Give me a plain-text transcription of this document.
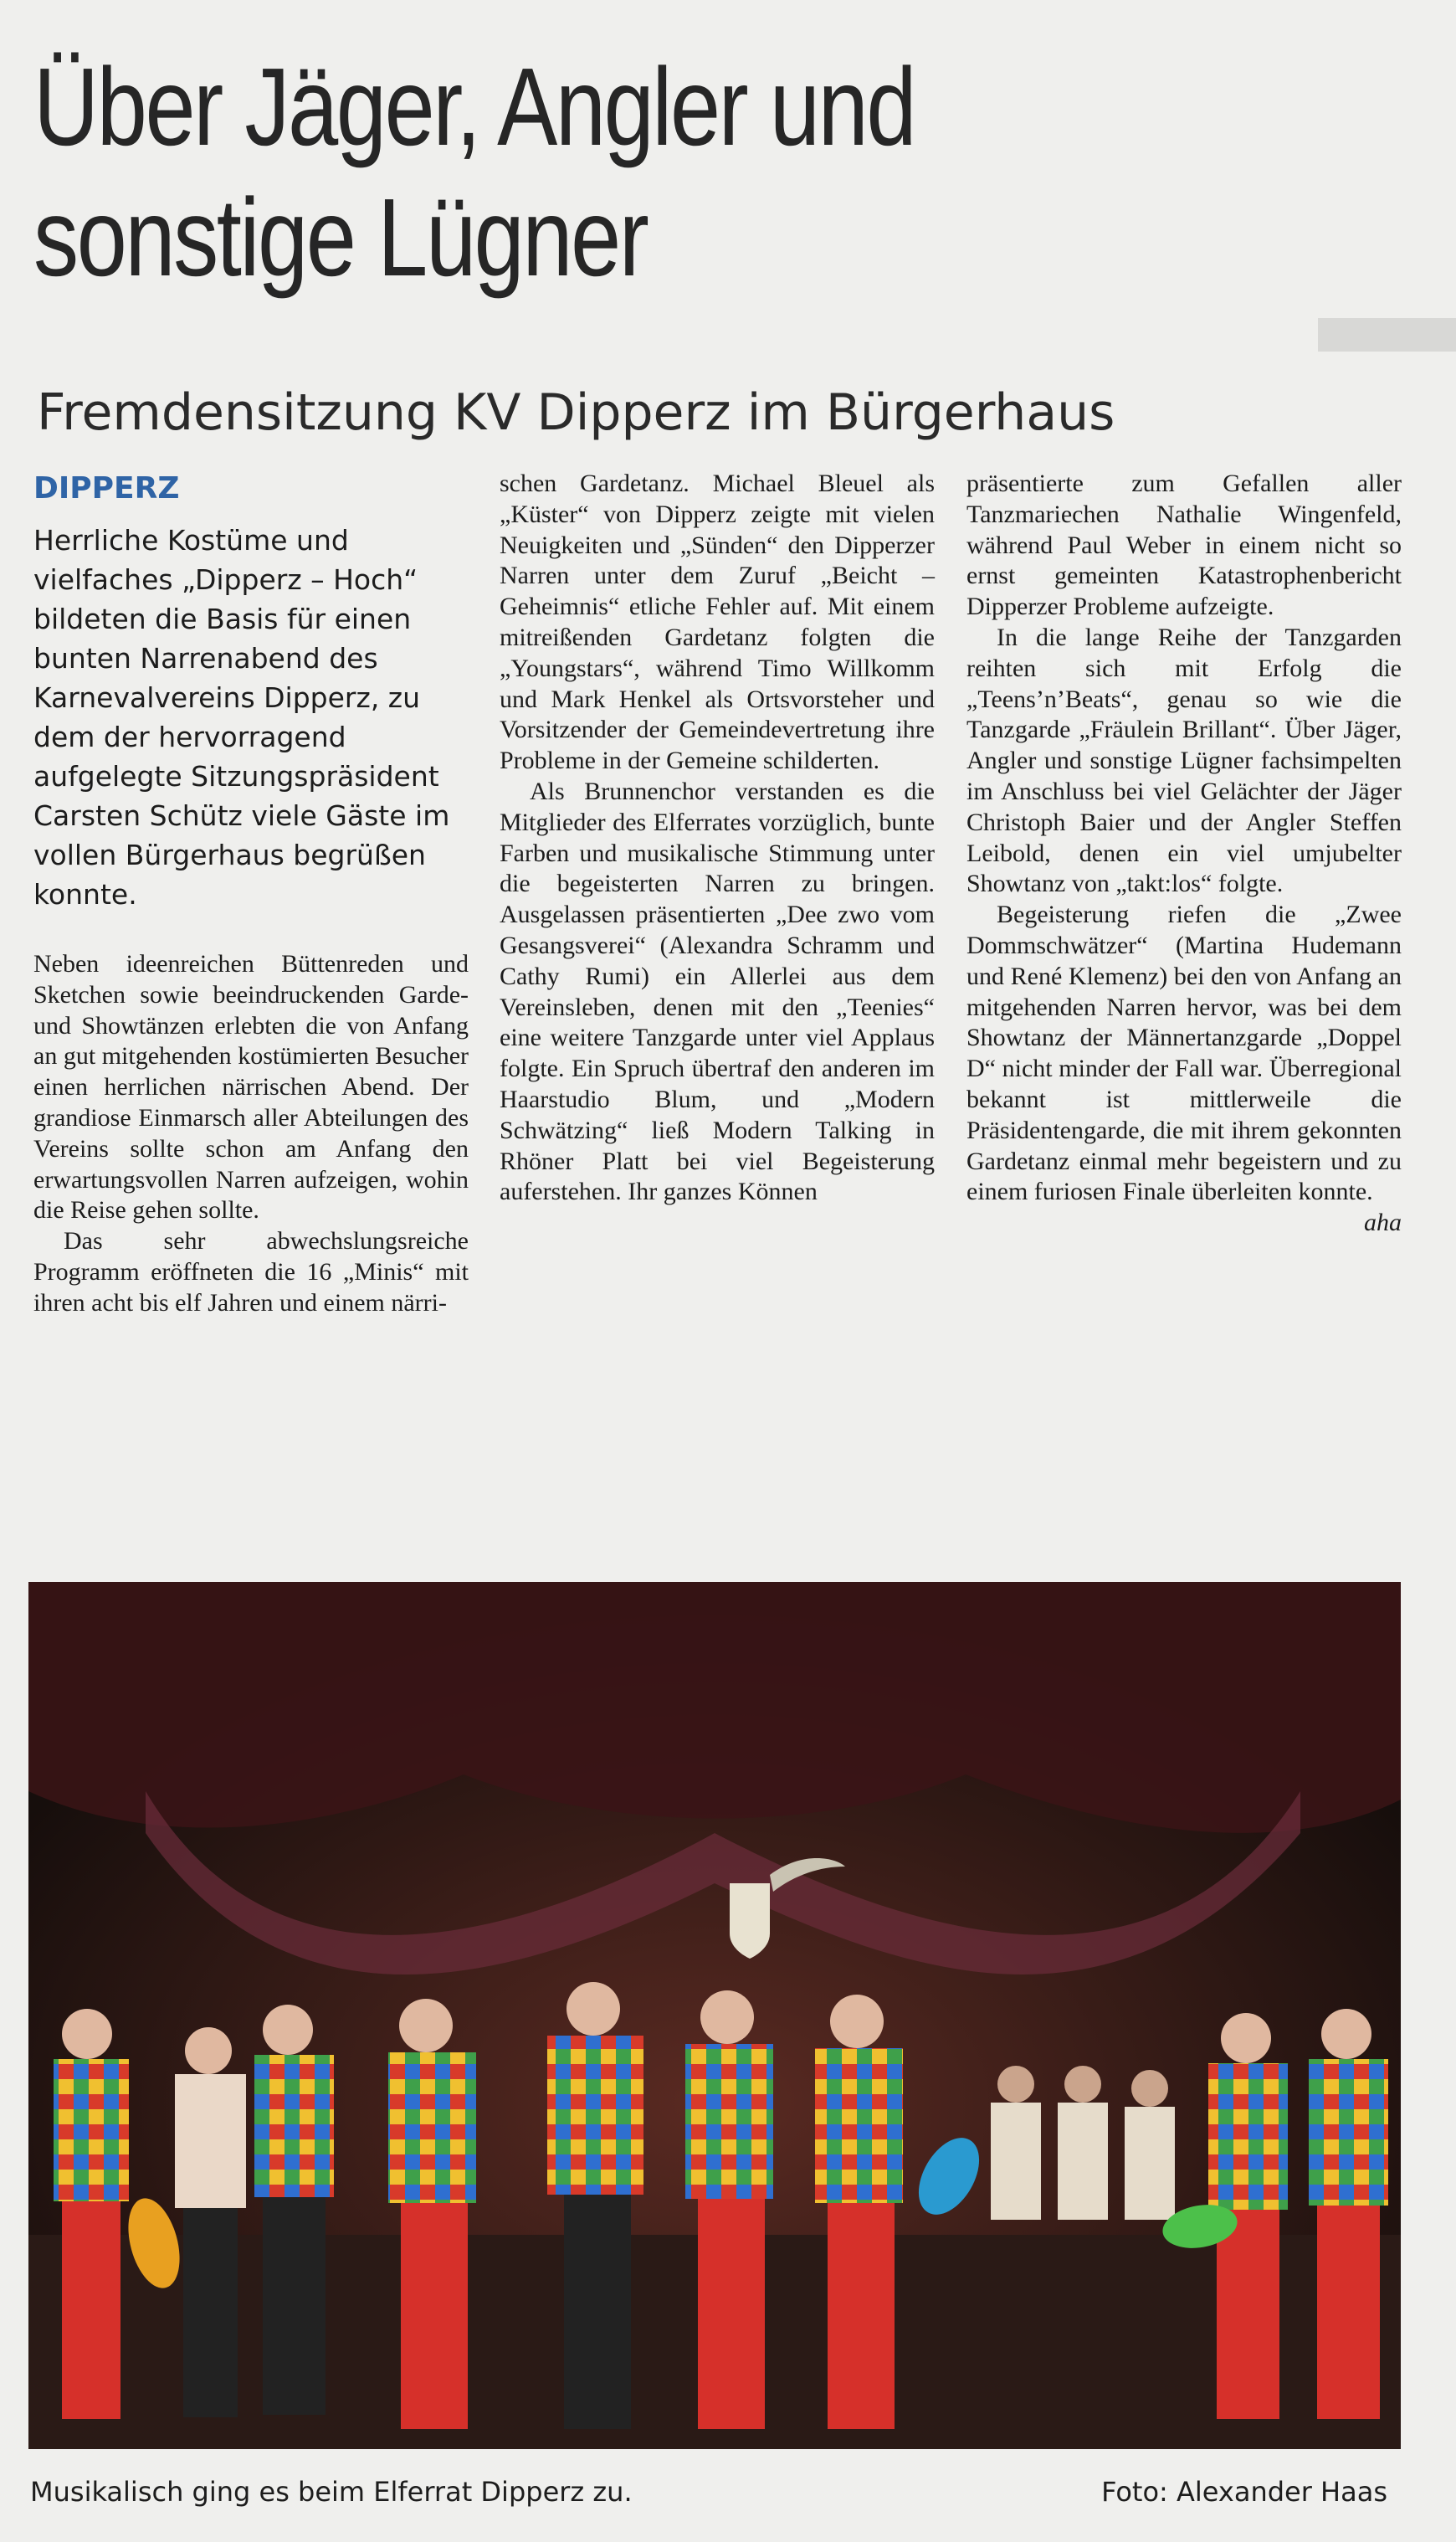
Über Jäger, Angler und sonstige Lügner
Fremdensitzung KV Dipperz im Bürgerhaus
DIPPERZ
Herrliche Kostüme und vielfaches „Dipperz – Hoch“ bildeten die Basis für einen bunten Narrenabend des Karnevalvereins Dipperz, zu dem der hervorragend aufgelegte Sitzungspräsident Carsten Schütz viele Gäste im vollen Bürgerhaus begrüßen konnte.

Neben ideenreichen Büttenreden und Sketchen sowie beeindruckenden Garde- und Showtänzen erlebten die von Anfang an gut mitgehenden kostümierten Besucher einen herrlichen närrischen Abend. Der grandiose Einmarsch aller Abteilungen des Vereins sollte schon am Anfang den erwartungsvollen Narren aufzeigen, wohin die Reise gehen sollte.

Das sehr abwechslungsreiche Programm eröffneten die 16 „Minis“ mit ihren acht bis elf Jahren und einem närri-

schen Gardetanz. Michael Bleuel als „Küster“ von Dipperz zeigte mit vielen Neuigkeiten und „Sünden“ den Dipperzer Narren unter dem Zuruf „Beicht – Geheimnis“ etliche Fehler auf. Mit einem mitreißenden Gardetanz folgten die „Youngstars“, während Timo Willkomm und Mark Henkel als Ortsvorsteher und Vorsitzender der Gemeindevertretung ihre Probleme in der Gemeine schilderten.

Als Brunnenchor verstanden es die Mitglieder des Elferrates vorzüglich, bunte Farben und musikalische Stimmung unter die begeisterten Narren zu bringen. Ausgelassen präsentierten „Dee zwo vom Gesangsverei“ (Alexandra Schramm und Cathy Rumi) ein Allerlei aus dem Vereinsleben, denen mit den „Teenies“ eine weitere Tanzgarde unter viel Applaus folgte. Ein Spruch übertraf den anderen im Haarstudio Blum, und „Modern Schwätzing“ ließ Modern Talking in Rhöner Platt bei viel Begeisterung auferstehen. Ihr ganzes Können

präsentierte zum Gefallen aller Tanzmariechen Nathalie Wingenfeld, während Paul Weber in einem nicht so ernst gemeinten Katastrophenbericht Dipperzer Probleme aufzeigte.

In die lange Reihe der Tanzgarden reihten sich mit Erfolg die „Teens’n’Beats“, genau so wie die Tanzgarde „Fräulein Brillant“. Über Jäger, Angler und sonstige Lügner fachsimpelten im Anschluss bei viel Gelächter der Jäger Christoph Baier und der Angler Steffen Leibold, denen ein viel umjubelter Showtanz von „takt:los“ folgte.

Begeisterung riefen die „Zwee Dommschwätzer“ (Martina Hudemann und René Klemenz) bei den von Anfang an mitgehenden Narren hervor, was bei dem Showtanz der Männertanzgarde „Doppel D“ nicht minder der Fall war. Überregional bekannt ist mittlerweile die Präsidentengarde, die mit ihrem gekonnten Gardetanz einmal mehr begeistern und zu einem furiosen Finale überleiten konnte.

aha

Musikalisch ging es beim Elferrat Dipperz zu.	Foto: Alexander Haas
